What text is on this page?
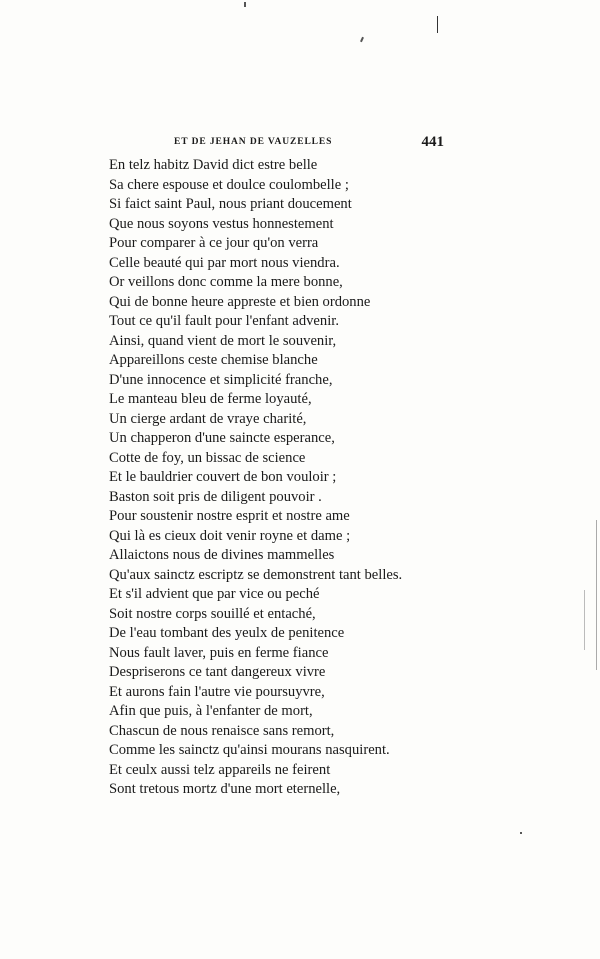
ET DE JEHAN DE VAUZELLES	441
En telz habitz David dict estre belle
Sa chere espouse et doulce coulombelle ;
Si faict saint Paul, nous priant doucement
Que nous soyons vestus honnestement
Pour comparer à ce jour qu'on verra
Celle beauté qui par mort nous viendra.
Or veillons donc comme la mere bonne,
Qui de bonne heure appreste et bien ordonne
Tout ce qu'il fault pour l'enfant advenir.
Ainsi, quand vient de mort le souvenir,
Appareillons ceste chemise blanche
D'une innocence et simplicité franche,
Le manteau bleu de ferme loyauté,
Un cierge ardant de vraye charité,
Un chapperon d'une saincte esperance,
Cotte de foy, un bissac de science
Et le bauldrier couvert de bon vouloir ;
Baston soit pris de diligent pouvoir .
Pour soustenir nostre esprit et nostre ame
Qui là es cieux doit venir royne et dame ;
Allaictons nous de divines mammelles
Qu'aux sainctz escriptz se demonstrent tant belles.
Et s'il advient que par vice ou peché
Soit nostre corps souillé et entaché,
De l'eau tombant des yeulx de penitence
Nous fault laver, puis en ferme fiance
Despriserons ce tant dangereux vivre
Et aurons fain l'autre vie poursuyvre,
Afin que puis, à l'enfanter de mort,
Chascun de nous renaisce sans remort,
Comme les sainctz qu'ainsi mourans nasquirent.
Et ceulx aussi telz appareils ne feirent
Sont tretous mortz d'une mort eternelle,
